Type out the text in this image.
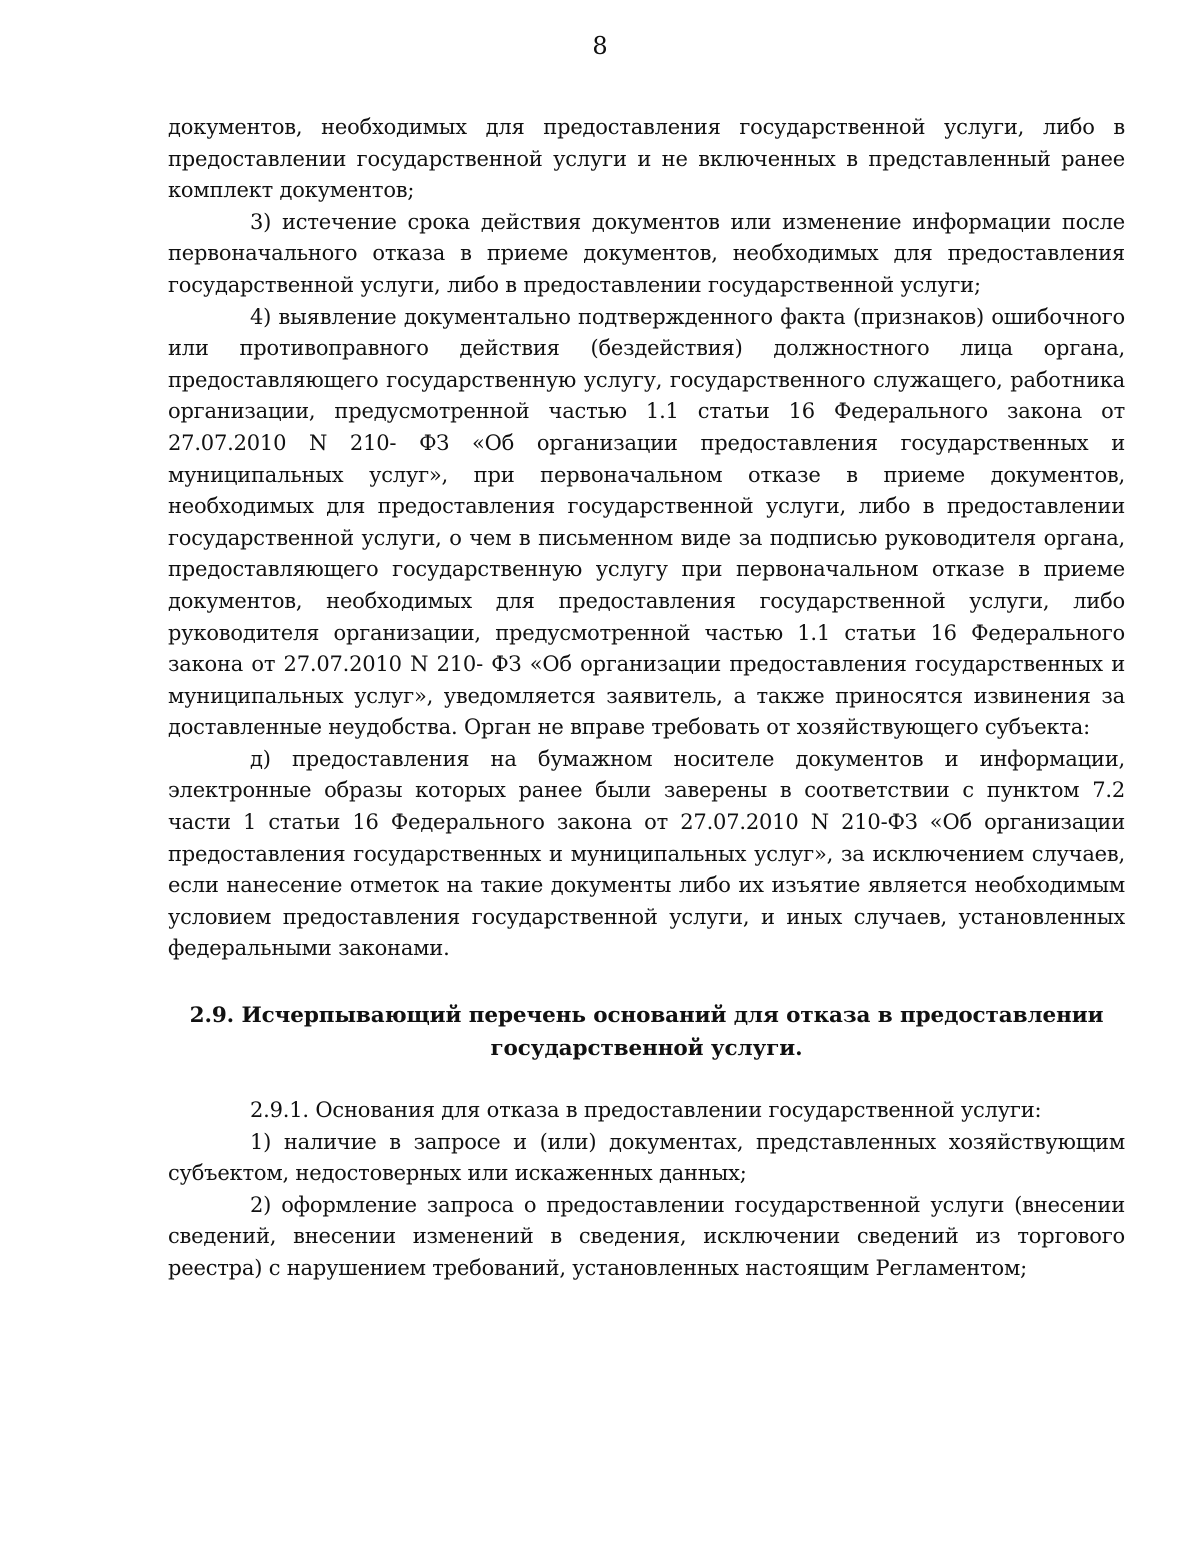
8

документов, необходимых для предоставления государственной услуги, либо в предоставлении государственной услуги и не включенных в представленный ранее комплект документов;

3) истечение срока действия документов или изменение информации после первоначального отказа в приеме документов, необходимых для предоставления государственной услуги, либо в предоставлении государственной услуги;

4) выявление документально подтвержденного факта (признаков) ошибочного или противоправного действия (бездействия) должностного лица органа, предоставляющего государственную услугу, государственного служащего, работника организации, предусмотренной частью 1.1 статьи 16 Федерального закона от 27.07.2010 N 210- ФЗ «Об организации предоставления государственных и муниципальных услуг», при первоначальном отказе в приеме документов, необходимых для предоставления государственной услуги, либо в предоставлении государственной услуги, о чем в письменном виде за подписью руководителя органа, предоставляющего государственную услугу при первоначальном отказе в приеме документов, необходимых для предоставления государственной услуги, либо руководителя организации, предусмотренной частью 1.1 статьи 16 Федерального закона от 27.07.2010 N 210- ФЗ «Об организации предоставления государственных и муниципальных услуг», уведомляется заявитель, а также приносятся извинения за доставленные неудобства. Орган не вправе требовать от хозяйствующего субъекта:

д) предоставления на бумажном носителе документов и информации, электронные образы которых ранее были заверены в соответствии с пунктом 7.2 части 1 статьи 16 Федерального закона от 27.07.2010 N 210-ФЗ «Об организации предоставления государственных и муниципальных услуг», за исключением случаев, если нанесение отметок на такие документы либо их изъятие является необходимым условием предоставления государственной услуги, и иных случаев, установленных федеральными законами.

2.9. Исчерпывающий перечень оснований для отказа в предоставлении
государственной услуги.

2.9.1. Основания для отказа в предоставлении государственной услуги:

1) наличие в запросе и (или) документах, представленных хозяйствующим субъектом, недостоверных или искаженных данных;

2) оформление запроса о предоставлении государственной услуги (внесении сведений, внесении изменений в сведения, исключении сведений из торгового реестра) с нарушением требований, установленных настоящим Регламентом;
